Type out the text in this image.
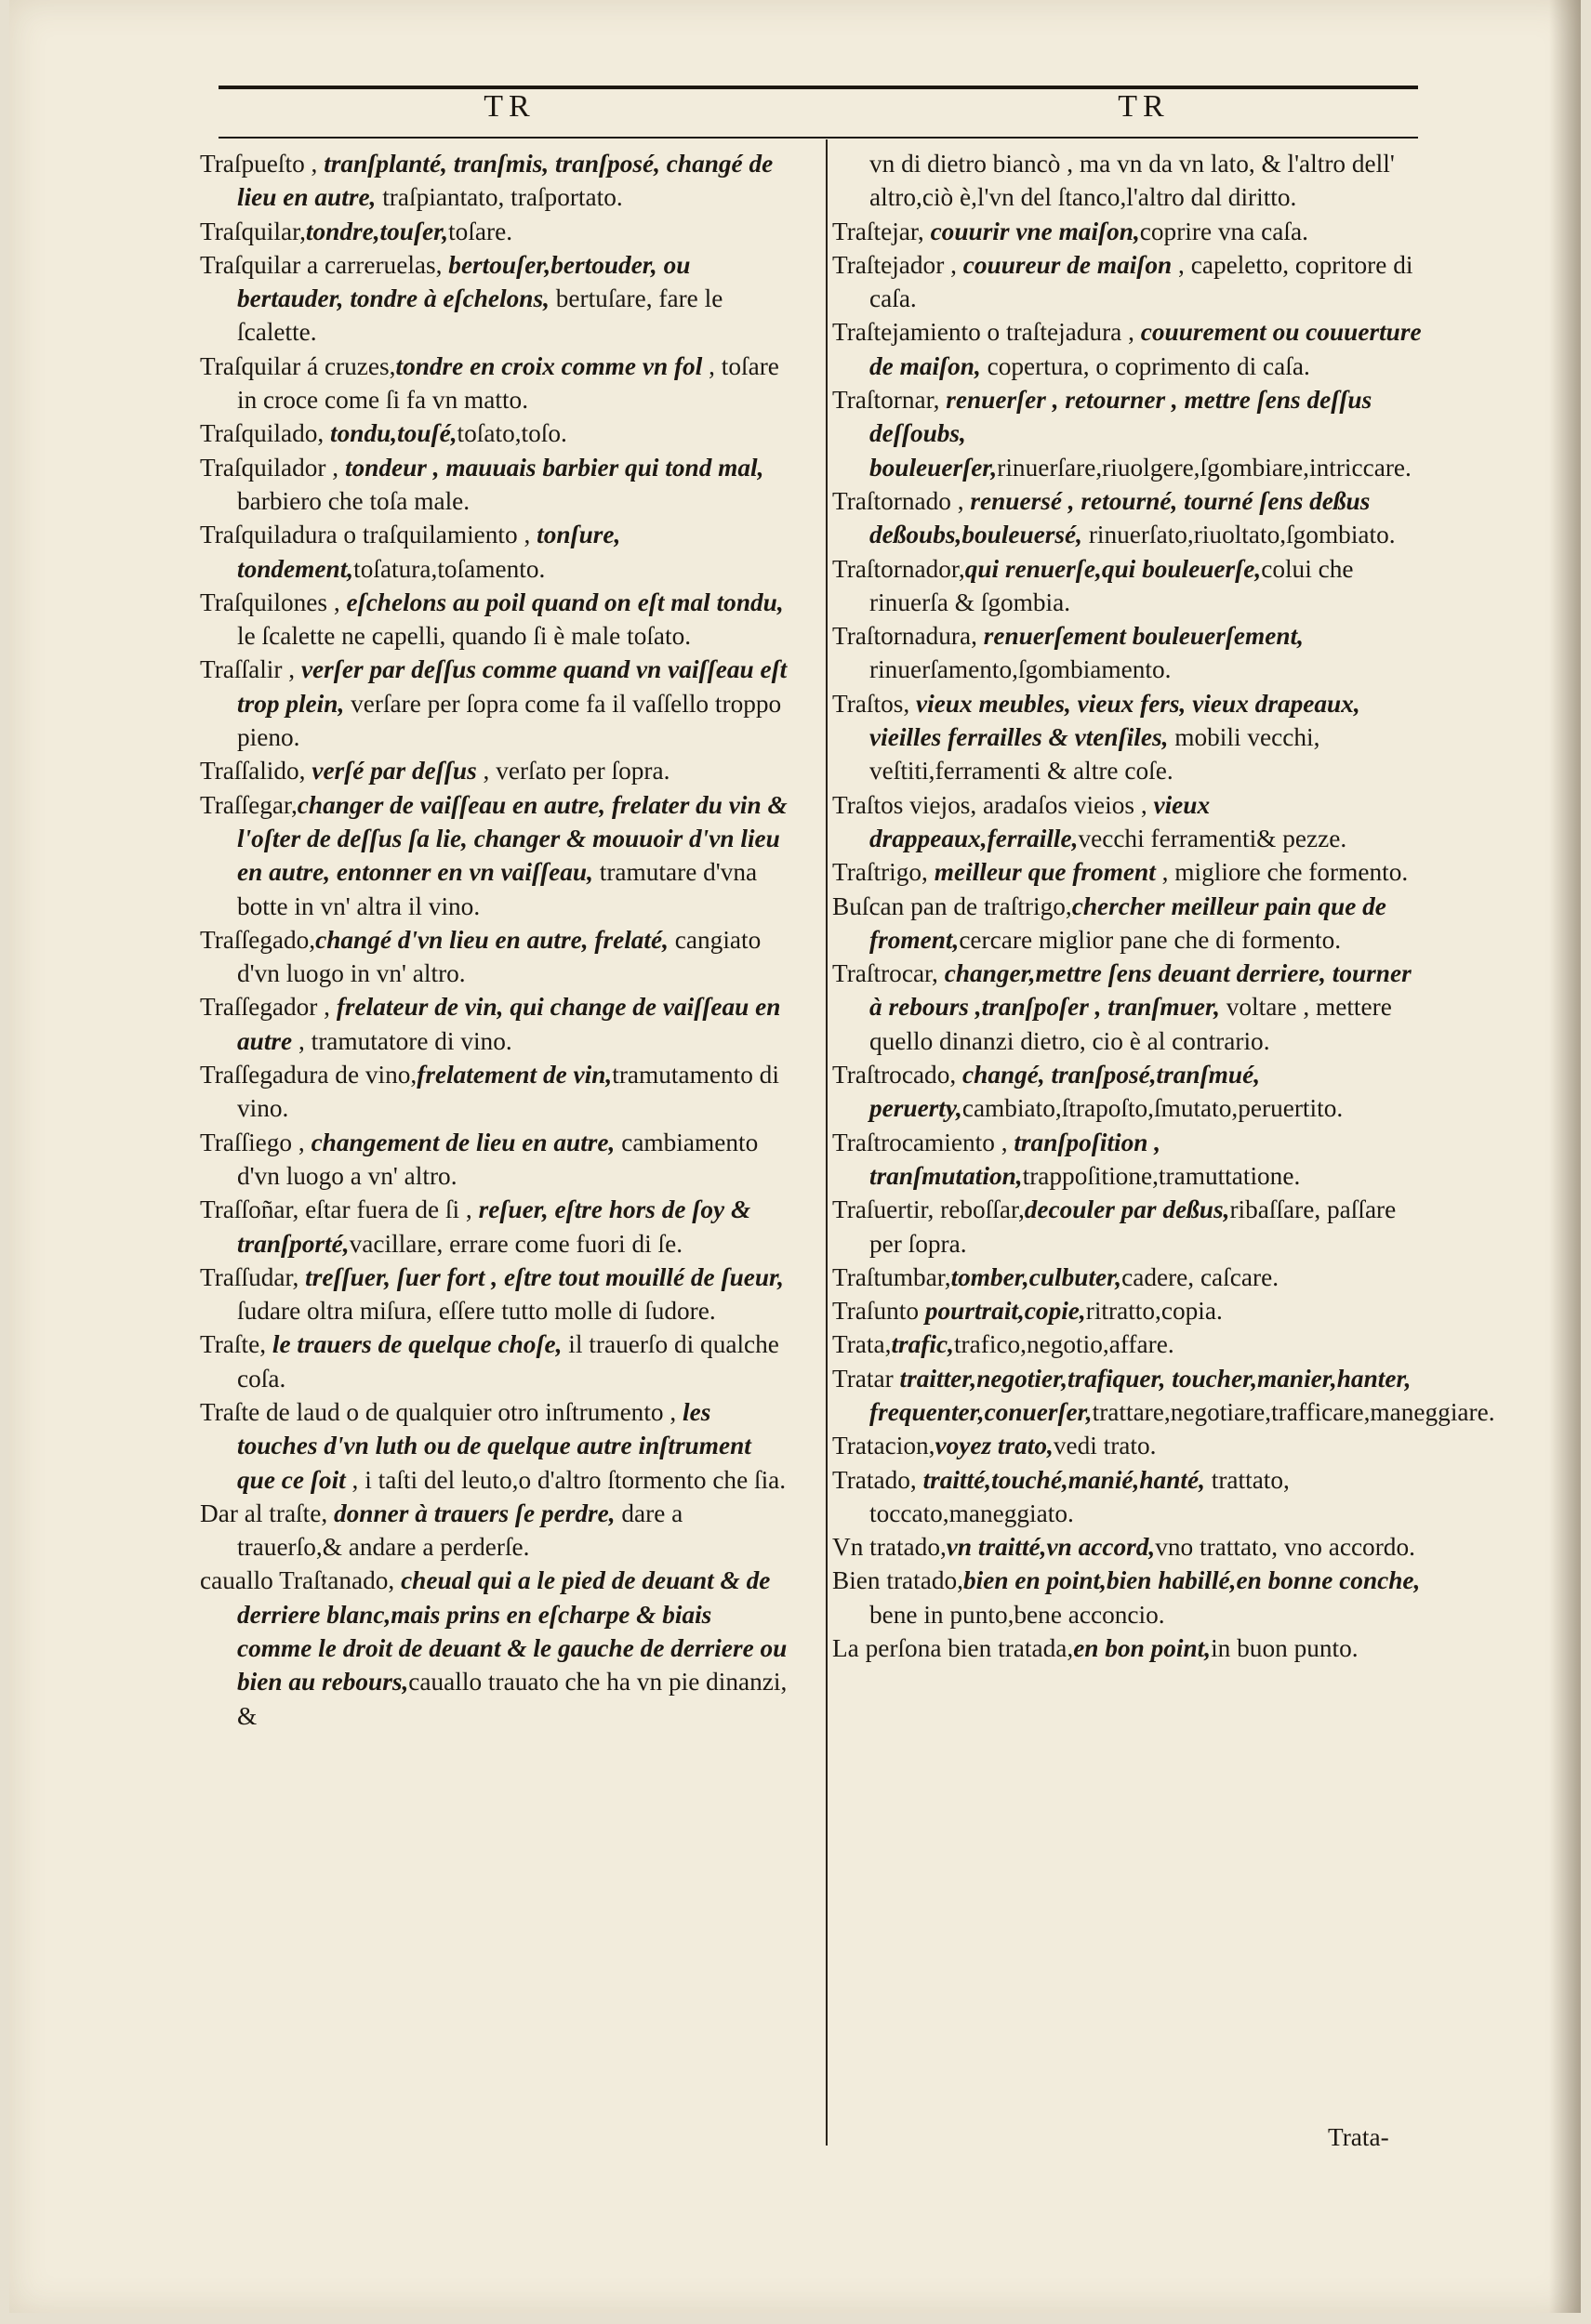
TR	TR

Traſpueſto , tranſplanté, tranſmis, tranſposé, changé de lieu en autre, traſpiantato, traſportato.

Traſquilar,tondre,touſer,toſare.

Traſquilar a carreruelas, bertouſer,bertouder, ou bertauder, tondre à eſchelons, bertuſare, fare le ſcalette.

Traſquilar á cruzes,tondre en croix comme vn fol , toſare in croce come ſi fa vn matto.

Traſquilado, tondu,touſé,toſato,toſo.

Traſquilador , tondeur , mauuais barbier qui tond mal, barbiero che toſa male.

Traſquiladura o traſquilamiento , tonſure, tondement,toſatura,toſamento.

Traſquilones , eſchelons au poil quand on eſt mal tondu, le ſcalette ne capelli, quando ſi è male toſato.

Traſſalir , verſer par deſſus comme quand vn vaiſſeau eſt trop plein, verſare per ſopra come fa il vaſſello troppo pieno.

Traſſalido, verſé par deſſus , verſato per ſopra.

Traſſegar,changer de vaiſſeau en autre, frelater du vin & l'oſter de deſſus ſa lie, changer & mouuoir d'vn lieu en autre, entonner en vn vaiſſeau, tramutare d'vna botte in vn' altra il vino.

Traſſegado,changé d'vn lieu en autre, frelaté, cangiato d'vn luogo in vn' altro.

Traſſegador , frelateur de vin, qui change de vaiſſeau en autre , tramutatore di vino.

Traſſegadura de vino,frelatement de vin,tramutamento di vino.

Traſſiego , changement de lieu en autre, cambiamento d'vn luogo a vn' altro.

Traſſoñar, eſtar fuera de ſi , reſuer, eſtre hors de ſoy & tranſporté,vacillare, errare come fuori di ſe.

Traſſudar, treſſuer, ſuer fort , eſtre tout mouillé de ſueur, ſudare oltra miſura, eſſere tutto molle di ſudore.

Traſte, le trauers de quelque choſe, il trauerſo di qualche coſa.

Traſte de laud o de qualquier otro inſtrumento , les touches d'vn luth ou de quelque autre inſtrument que ce ſoit , i taſti del leuto,o d'altro ſtormento che ſia.

Dar al traſte, donner à trauers ſe perdre, dare a trauerſo,& andare a perderſe.

cauallo Traſtanado, cheual qui a le pied de deuant & de derriere blanc,mais prins en eſcharpe & biais comme le droit de deuant & le gauche de derriere ou bien au rebours,cauallo trauato che ha vn pie dinanzi, &

vn di dietro biancò , ma vn da vn lato, & l'altro dell' altro,ciò è,l'vn del ſtanco,l'altro dal diritto.

Traſtejar, couurir vne maiſon,coprire vna caſa.

Traſtejador , couureur de maiſon , capeletto, copritore di caſa.

Traſtejamiento o traſtejadura , couurement ou couuerture de maiſon, copertura, o coprimento di caſa.

Traſtornar, renuerſer , retourner , mettre ſens deſſus deſſoubs, bouleuerſer,rinuerſare,riuolgere,ſgombiare,intriccare.

Traſtornado , renuersé , retourné, tourné ſens deßus deßoubs,bouleuersé, rinuerſato,riuoltato,ſgombiato.

Traſtornador,qui renuerſe,qui bouleuerſe,colui che rinuerſa & ſgombia.

Traſtornadura, renuerſement bouleuerſement, rinuerſamento,ſgombiamento.

Traſtos, vieux meubles, vieux fers, vieux drapeaux, vieilles ferrailles & vtenſiles, mobili vecchi, veſtiti,ferramenti & altre coſe.

Traſtos viejos, aradaſos vieios , vieux drappeaux,ferraille,vecchi ferramenti& pezze.

Traſtrigo, meilleur que froment , migliore che formento.

Buſcan pan de traſtrigo,chercher meilleur pain que de froment,cercare miglior pane che di formento.

Traſtrocar, changer,mettre ſens deuant derriere, tourner à rebours ,tranſpoſer , tranſmuer, voltare , mettere quello dinanzi dietro, cio è al contrario.

Traſtrocado, changé, tranſposé,tranſmué, peruerty,cambiato,ſtrapoſto,ſmutato,peruertito.

Traſtrocamiento , tranſpoſition , tranſmutation,trappoſitione,tramuttatione.

Traſuertir, reboſſar,decouler par deßus,ribaſſare, paſſare per ſopra.

Traſtumbar,tomber,culbuter,cadere, caſcare.

Traſunto pourtrait,copie,ritratto,copia.

Trata,trafic,trafico,negotio,affare.

Tratar traitter,negotier,trafiquer, toucher,manier,hanter, frequenter,conuerſer,trattare,negotiare,trafficare,maneggiare.

Tratacion,voyez trato,vedi trato.

Tratado, traitté,touché,manié,hanté, trattato, toccato,maneggiato.

Vn tratado,vn traitté,vn accord,vno trattato, vno accordo.

Bien tratado,bien en point,bien habillé,en bonne conche, bene in punto,bene acconcio.

La perſona bien tratada,en bon point,in buon punto.

Trata-
